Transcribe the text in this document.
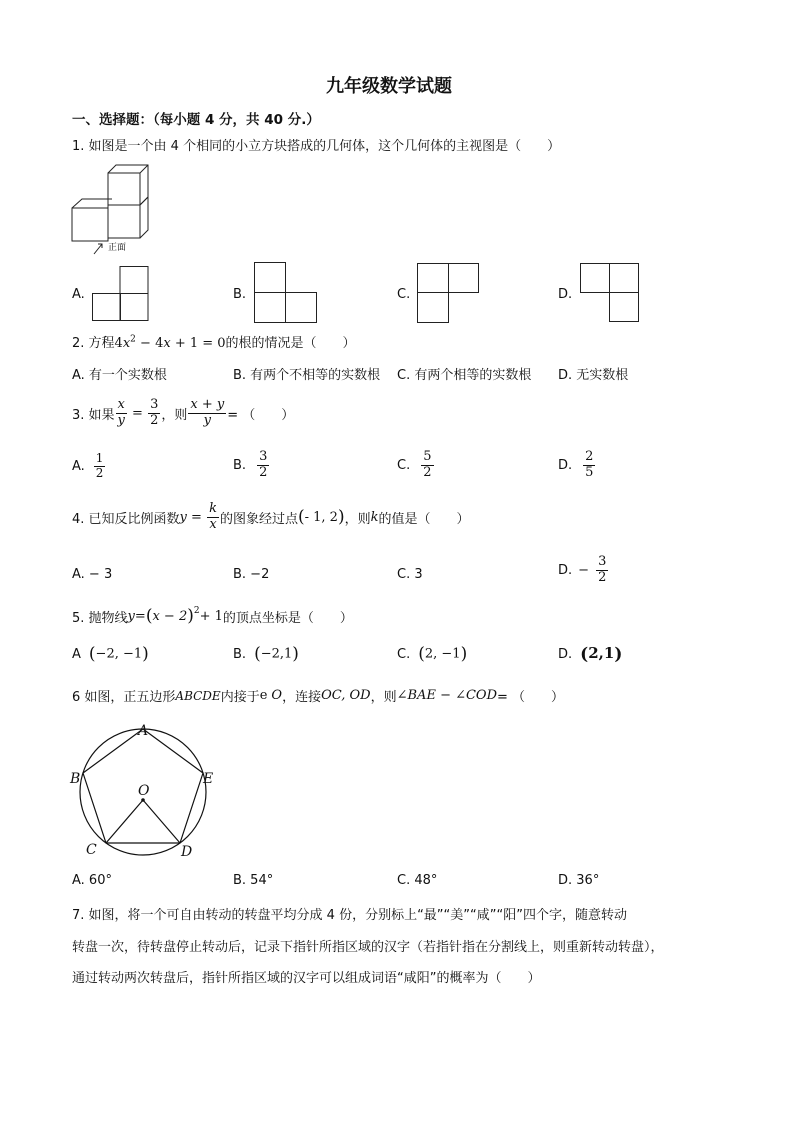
九年级数学试题
一、选择题：（每小题 4 分，共 40 分.）
1. 如图是一个由 4 个相同的小立方块搭成的几何体，这个几何体的主视图是（　　）
正面
A.	B.	C.	D.
2. 方程$4x^2 - 4x + 1 = 0$的根的情况是（　　）
A. 有一个实数根	B. 有两个不相等的实数根 C. 有两个相等的实数根 D. 无实数根
3. 如果 $\frac{x}{y} = \frac{3}{2}$ ，则 $\frac{x + y}{y}$ = （　　）
A. $\frac{1}{2}$	B. $\frac{3}{2}$	C. $\frac{5}{2}$	D. $\frac{2}{5}$
4. 已知反比例函数 $y = \frac{k}{x}$ 的图象经过点 ( - 1, 2 ) ，则 k 的值是（　　）
A. − 3	B. −2	C. 3	D. − $\frac{3}{2}$
5. 抛物线 y = ( x − 2 )$^2$ + 1 的顶点坐标是（　　）
A (−2, −1)	B. (−2,1)	C. (2, −1)	D. (2,1)
6 如图，正五边形 ABCDE 内接于 e O ，连接 OC, OD ，则 ∠BAE − ∠COD = （　　）
A
B	E
O
C	D
A. 60°	B. 54°	C. 48°	D. 36°
7. 如图，将一个可自由转动的转盘平均分成 4 份，分别标上“最”“美”“咸”“阳”四个字，随意转动
转盘一次，待转盘停止转动后，记录下指针所指区域的汉字（若指针指在分割线上，则重新转动转盘），
通过转动两次转盘后，指针所指区域的汉字可以组成词语“咸阳”的概率为（　　）
